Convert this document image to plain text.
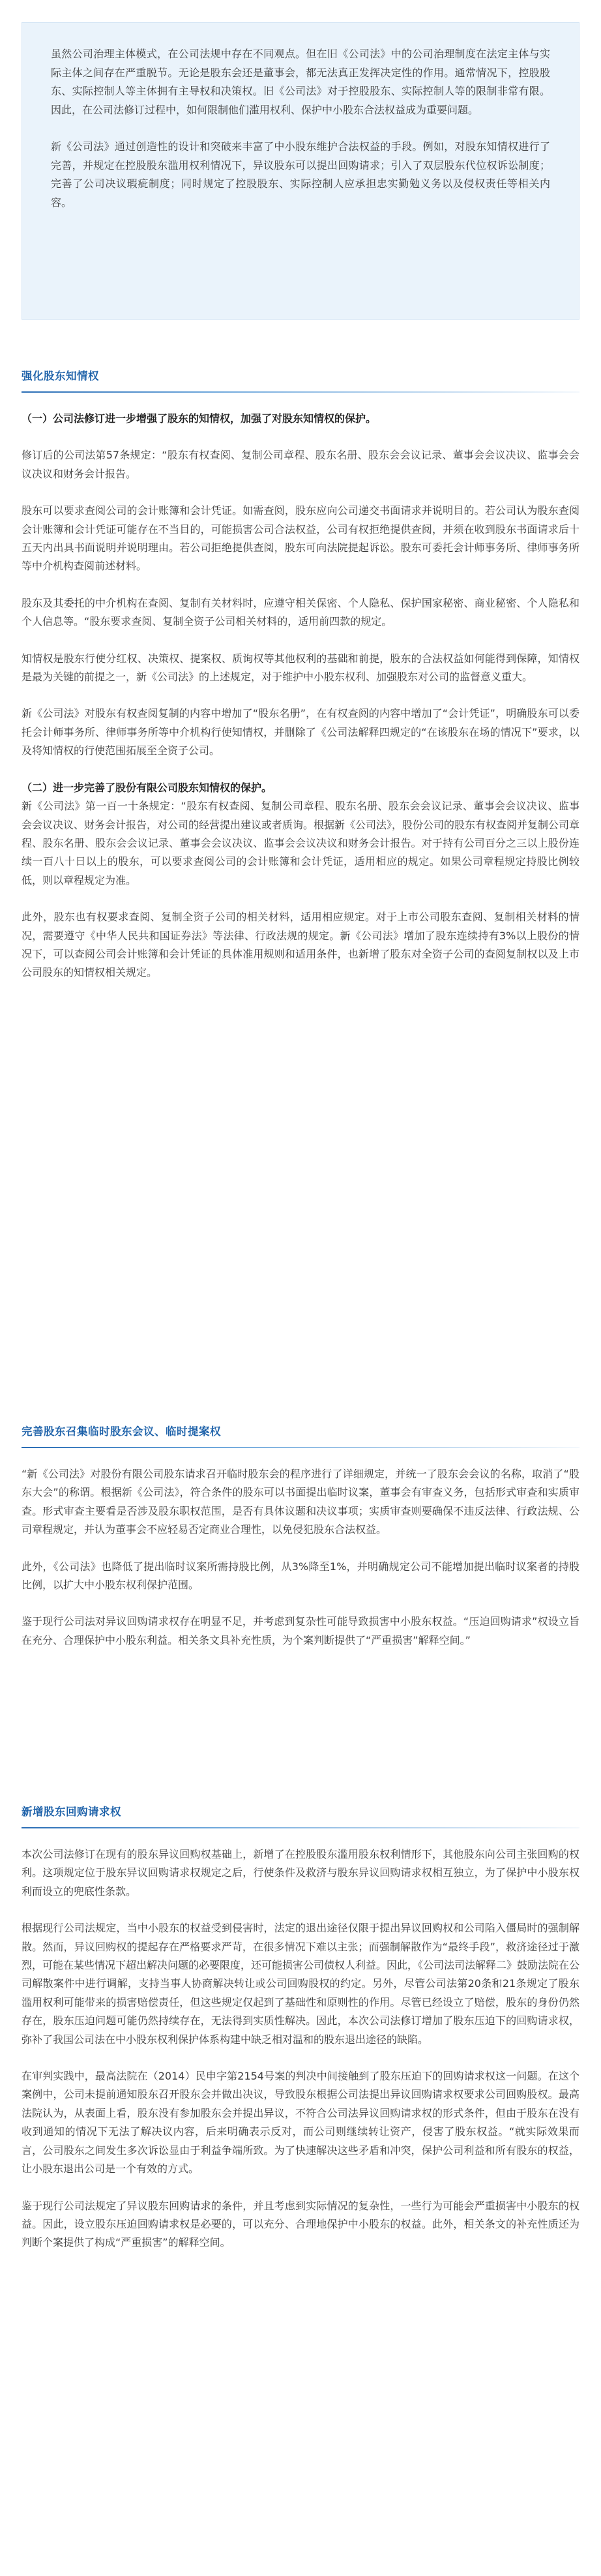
虽然公司治理主体模式，在公司法规中存在不同观点。但在旧《公司法》中的公司治理制度在法定主体与实际主体之间存在严重脱节。无论是股东会还是董事会，都无法真正发挥决定性的作用。通常情况下，控股股东、实际控制人等主体拥有主导权和决策权。旧《公司法》对于控股股东、实际控制人等的限制非常有限。因此，在公司法修订过程中，如何限制他们滥用权利、保护中小股东合法权益成为重要问题。

新《公司法》通过创造性的设计和突破来丰富了中小股东维护合法权益的手段。例如，对股东知情权进行了完善，并规定在控股股东滥用权利情况下，异议股东可以提出回购请求；引入了双层股东代位权诉讼制度；完善了公司决议瑕疵制度；同时规定了控股股东、实际控制人应承担忠实勤勉义务以及侵权责任等相关内容。

强化股东知情权

（一）公司法修订进一步增强了股东的知情权，加强了对股东知情权的保护。

修订后的公司法第57条规定：“股东有权查阅、复制公司章程、股东名册、股东会会议记录、董事会会议决议、监事会会议决议和财务会计报告。

股东可以要求查阅公司的会计账簿和会计凭证。如需查阅，股东应向公司递交书面请求并说明目的。若公司认为股东查阅会计账簿和会计凭证可能存在不当目的，可能损害公司合法权益，公司有权拒绝提供查阅，并须在收到股东书面请求后十五天内出具书面说明并说明理由。若公司拒绝提供查阅，股东可向法院提起诉讼。股东可委托会计师事务所、律师事务所等中介机构查阅前述材料。

股东及其委托的中介机构在查阅、复制有关材料时，应遵守相关保密、个人隐私、保护国家秘密、商业秘密、个人隐私和个人信息等。“股东要求查阅、复制全资子公司相关材料的，适用前四款的规定。

知情权是股东行使分红权、决策权、提案权、质询权等其他权利的基础和前提，股东的合法权益如何能得到保障，知情权是最为关键的前提之一，新《公司法》的上述规定，对于维护中小股东权利、加强股东对公司的监督意义重大。

新《公司法》对股东有权查阅复制的内容中增加了“股东名册”，在有权查阅的内容中增加了“会计凭证”，明确股东可以委托会计师事务所、律师事务所等中介机构行使知情权，并删除了《公司法解释四规定的“在该股东在场的情况下”要求，以及将知情权的行使范围拓展至全资子公司。

（二）进一步完善了股份有限公司股东知情权的保护。

新《公司法》第一百一十条规定：“股东有权查阅、复制公司章程、股东名册、股东会会议记录、董事会会议决议、监事会会议决议、财务会计报告，对公司的经营提出建议或者质询。根据新《公司法》，股份公司的股东有权查阅并复制公司章程、股东名册、股东会会议记录、董事会会议决议、监事会会议决议和财务会计报告。对于持有公司百分之三以上股份连续一百八十日以上的股东，可以要求查阅公司的会计账簿和会计凭证，适用相应的规定。如果公司章程规定持股比例较低，则以章程规定为准。

此外，股东也有权要求查阅、复制全资子公司的相关材料，适用相应规定。对于上市公司股东查阅、复制相关材料的情况，需要遵守《中华人民共和国证券法》等法律、行政法规的规定。新《公司法》增加了股东连续持有3%以上股份的情况下，可以查阅公司会计账簿和会计凭证的具体准用规则和适用条件，也新增了股东对全资子公司的查阅复制权以及上市公司股东的知情权相关规定。

完善股东召集临时股东会议、临时提案权

“新《公司法》对股份有限公司股东请求召开临时股东会的程序进行了详细规定，并统一了股东会会议的名称，取消了“股东大会”的称谓。根据新《公司法》，符合条件的股东可以书面提出临时议案，董事会有审查义务，包括形式审查和实质审查。形式审查主要看是否涉及股东职权范围，是否有具体议题和决议事项；实质审查则要确保不违反法律、行政法规、公司章程规定，并认为董事会不应轻易否定商业合理性，以免侵犯股东合法权益。

此外，《公司法》也降低了提出临时议案所需持股比例，从3%降至1%，并明确规定公司不能增加提出临时议案者的持股比例，以扩大中小股东权利保护范围。

鉴于现行公司法对异议回购请求权存在明显不足，并考虑到复杂性可能导致损害中小股东权益。“压迫回购请求”权设立旨在充分、合理保护中小股东利益。相关条文具补充性质，为个案判断提供了“严重损害”解释空间。”

新增股东回购请求权

本次公司法修订在现有的股东异议回购权基础上，新增了在控股股东滥用股东权利情形下，其他股东向公司主张回购的权利。这项规定位于股东异议回购请求权规定之后，行使条件及救济与股东异议回购请求权相互独立，为了保护中小股东权利而设立的兜底性条款。

根据现行公司法规定，当中小股东的权益受到侵害时，法定的退出途径仅限于提出异议回购权和公司陷入僵局时的强制解散。然而，异议回购权的提起存在严格要求严苛，在很多情况下难以主张；而强制解散作为“最终手段”，救济途径过于激烈，可能在某些情况下超出解决问题的必要限度，还可能损害公司债权人利益。因此，《公司法司法解释二》鼓励法院在公司解散案件中进行调解，支持当事人协商解决转让或公司回购股权的约定。另外，尽管公司法第20条和21条规定了股东滥用权利可能带来的损害赔偿责任，但这些规定仅起到了基础性和原则性的作用。尽管已经设立了赔偿，股东的身份仍然存在，股东压迫问题可能仍然持续存在，无法得到实质性解决。因此，本次公司法修订增加了股东压迫下的回购请求权，弥补了我国公司法在中小股东权利保护体系构建中缺乏相对温和的股东退出途径的缺陷。

在审判实践中，最高法院在（2014）民申字第2154号案的判决中间接触到了股东压迫下的回购请求权这一问题。在这个案例中，公司未提前通知股东召开股东会并做出决议，导致股东根据公司法提出异议回购请求权要求公司回购股权。最高法院认为，从表面上看，股东没有参加股东会并提出异议，不符合公司法异议回购请求权的形式条件，但由于股东在没有收到通知的情况下无法了解决议内容，后来明确表示反对，而公司则继续转让资产，侵害了股东权益。“就实际效果而言，公司股东之间发生多次诉讼显由于利益争端所致。为了快速解决这些矛盾和冲突，保护公司利益和所有股东的权益，让小股东退出公司是一个有效的方式。

鉴于现行公司法规定了异议股东回购请求的条件，并且考虑到实际情况的复杂性，一些行为可能会严重损害中小股东的权益。因此，设立股东压迫回购请求权是必要的，可以充分、合理地保护中小股东的权益。此外，相关条文的补充性质还为判断个案提供了构成“严重损害”的解释空间。
